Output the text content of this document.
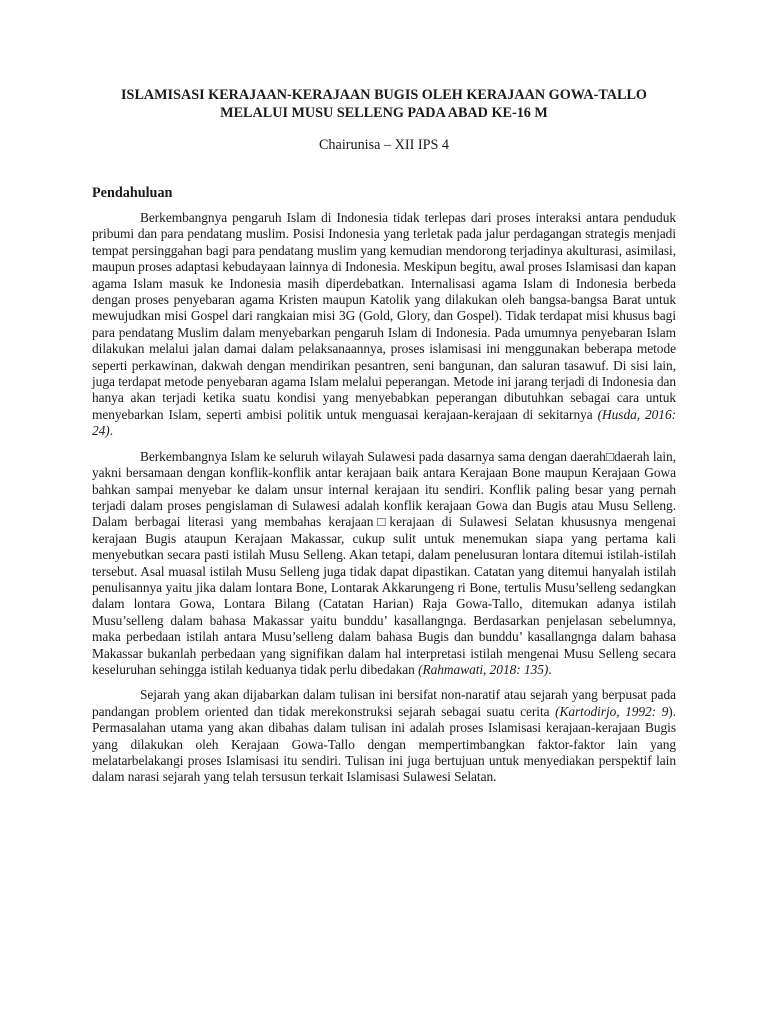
ISLAMISASI KERAJAAN-KERAJAAN BUGIS OLEH KERAJAAN GOWA-TALLO
MELALUI MUSU SELLENG PADA ABAD KE-16 M

Chairunisa – XII IPS 4

Pendahuluan

Berkembangnya pengaruh Islam di Indonesia tidak terlepas dari proses interaksi antara penduduk pribumi dan para pendatang muslim. Posisi Indonesia yang terletak pada jalur perdagangan strategis menjadi tempat persinggahan bagi para pendatang muslim yang kemudian mendorong terjadinya akulturasi, asimilasi, maupun proses adaptasi kebudayaan lainnya di Indonesia. Meskipun begitu, awal proses Islamisasi dan kapan agama Islam masuk ke Indonesia masih diperdebatkan. Internalisasi agama Islam di Indonesia berbeda dengan proses penyebaran agama Kristen maupun Katolik yang dilakukan oleh bangsa-bangsa Barat untuk mewujudkan misi Gospel dari rangkaian misi 3G (Gold, Glory, dan Gospel). Tidak terdapat misi khusus bagi para pendatang Muslim dalam menyebarkan pengaruh Islam di Indonesia. Pada umumnya penyebaran Islam dilakukan melalui jalan damai dalam pelaksanaannya, proses islamisasi ini menggunakan beberapa metode seperti perkawinan, dakwah dengan mendirikan pesantren, seni bangunan, dan saluran tasawuf. Di sisi lain, juga terdapat metode penyebaran agama Islam melalui peperangan. Metode ini jarang terjadi di Indonesia dan hanya akan terjadi ketika suatu kondisi yang menyebabkan peperangan dibutuhkan sebagai cara untuk menyebarkan Islam, seperti ambisi politik untuk menguasai kerajaan-kerajaan di sekitarnya (Husda, 2016: 24).

Berkembangnya Islam ke seluruh wilayah Sulawesi pada dasarnya sama dengan daerah□daerah lain, yakni bersamaan dengan konflik-konflik antar kerajaan baik antara Kerajaan Bone maupun Kerajaan Gowa bahkan sampai menyebar ke dalam unsur internal kerajaan itu sendiri. Konflik paling besar yang pernah terjadi dalam proses pengislaman di Sulawesi adalah konflik kerajaan Gowa dan Bugis atau Musu Selleng. Dalam berbagai literasi yang membahas kerajaan□kerajaan di Sulawesi Selatan khususnya mengenai kerajaan Bugis ataupun Kerajaan Makassar, cukup sulit untuk menemukan siapa yang pertama kali menyebutkan secara pasti istilah Musu Selleng. Akan tetapi, dalam penelusuran lontara ditemui istilah-istilah tersebut. Asal muasal istilah Musu Selleng juga tidak dapat dipastikan. Catatan yang ditemui hanyalah istilah penulisannya yaitu jika dalam lontara Bone, Lontarak Akkarungeng ri Bone, tertulis Musu’selleng sedangkan dalam lontara Gowa, Lontara Bilang (Catatan Harian) Raja Gowa-Tallo, ditemukan adanya istilah Musu’selleng dalam bahasa Makassar yaitu bunddu’ kasallangnga. Berdasarkan penjelasan sebelumnya, maka perbedaan istilah antara Musu’selleng dalam bahasa Bugis dan bunddu’ kasallangnga dalam bahasa Makassar bukanlah perbedaan yang signifikan dalam hal interpretasi istilah mengenai Musu Selleng secara keseluruhan sehingga istilah keduanya tidak perlu dibedakan (Rahmawati, 2018: 135).

Sejarah yang akan dijabarkan dalam tulisan ini bersifat non-naratif atau sejarah yang berpusat pada pandangan problem oriented dan tidak merekonstruksi sejarah sebagai suatu cerita (Kartodirjo, 1992: 9). Permasalahan utama yang akan dibahas dalam tulisan ini adalah proses Islamisasi kerajaan-kerajaan Bugis yang dilakukan oleh Kerajaan Gowa-Tallo dengan mempertimbangkan faktor-faktor lain yang melatarbelakangi proses Islamisasi itu sendiri. Tulisan ini juga bertujuan untuk menyediakan perspektif lain dalam narasi sejarah yang telah tersusun terkait Islamisasi Sulawesi Selatan.
